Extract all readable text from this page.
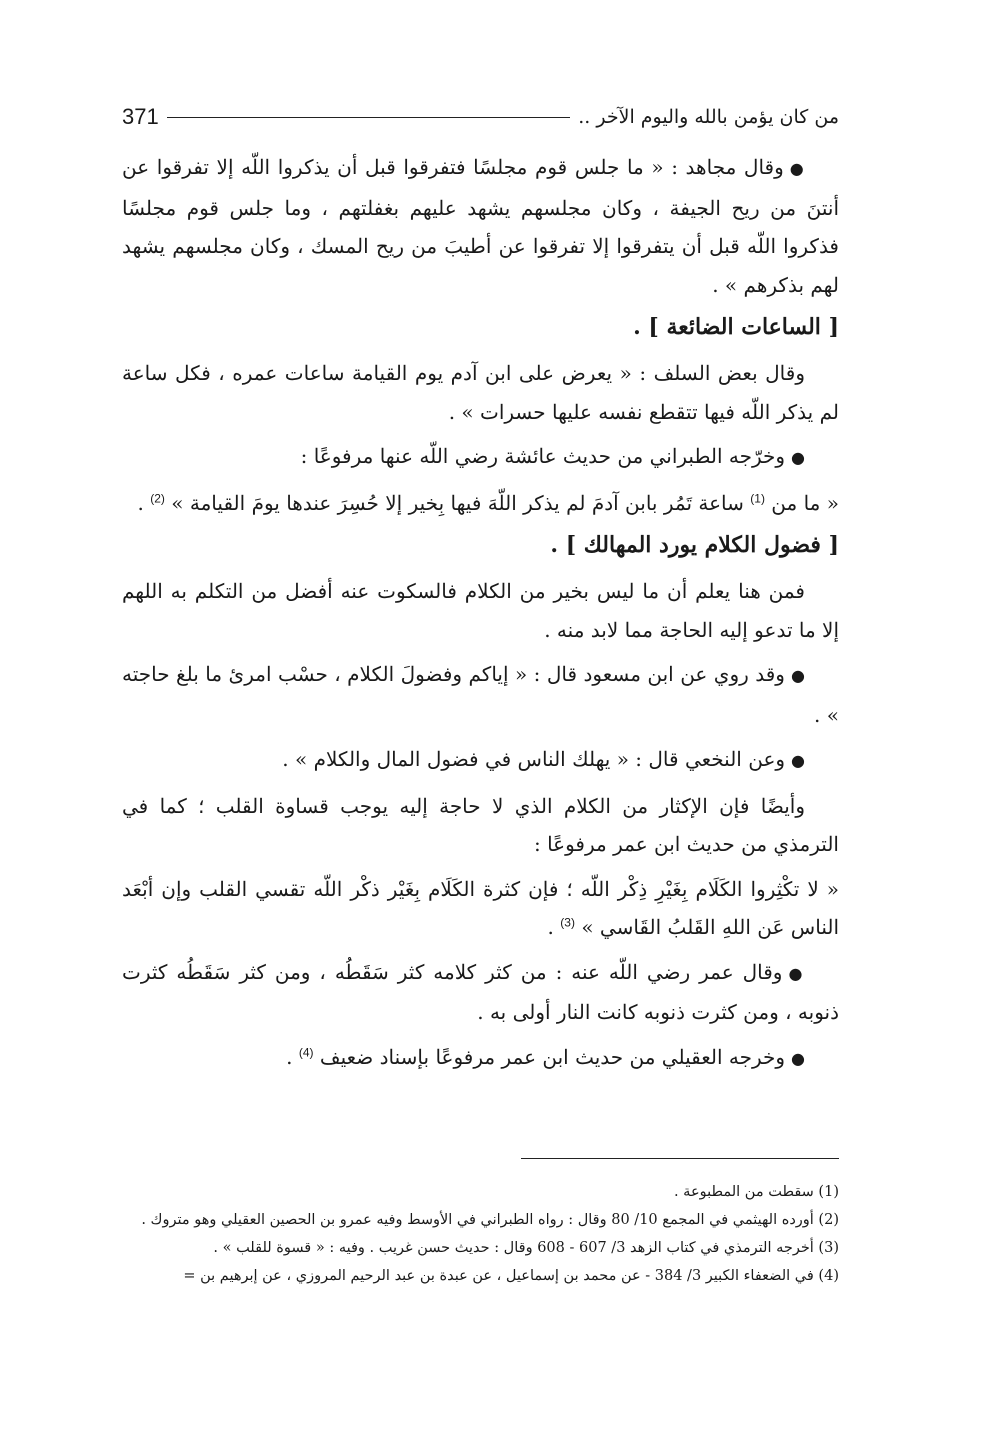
371	من كان يؤمن بالله واليوم الآخر ..

●وقال مجاهد : « ما جلس قوم مجلسًا فتفرقوا قبل أن يذكروا اللّه إلا تفرقوا عن أنتنَ من ريح الجيفة ، وكان مجلسهم يشهد عليهم بغفلتهم ، وما جلس قوم مجلسًا فذكروا اللّه قبل أن يتفرقوا إلا تفرقوا عن أطيبَ من ريح المسك ، وكان مجلسهم يشهد لهم بذكرهم » .

[ الساعات الضائعة ] .

وقال بعض السلف : « يعرض على ابن آدم يوم القيامة ساعات عمره ، فكل ساعة لم يذكر اللّه فيها تتقطع نفسه عليها حسرات » .

●وخرّجه الطبراني من حديث عائشة رضي اللّه عنها مرفوعًا :

« ما من $^{(1)}$ ساعة تَمُر بابن آدمَ لم يذكر اللّهَ فيها بِخير إلا حُسِرَ عندها يومَ القيامة » $^{(2)}$ .

[ فضول الكلام يورد المهالك ] .

فمن هنا يعلم أن ما ليس بخير من الكلام فالسكوت عنه أفضل من التكلم به اللهم إلا ما تدعو إليه الحاجة مما لابد منه .

●وقد روي عن ابن مسعود قال : « إياكم وفضولَ الكلام ، حسْب امرئ ما بلغ حاجته » .

●وعن النخعي قال : « يهلك الناس في فضول المال والكلام » .

وأيضًا فإن الإكثار من الكلام الذي لا حاجة إليه يوجب قساوة القلب ؛ كما في الترمذي من حديث ابن عمر مرفوعًا :

« لا تكْثِروا الكَلَام بِغَيْرِ ذِكْر اللّه ؛ فإن كثرة الكَلَام بِغَيْر ذكْر اللّه تقسي القلب وإن أبْعَد الناس عَن اللهِ القَلبُ القَاسي » $^{(3)}$ .

●وقال عمر رضي اللّه عنه : من كثر كلامه كثر سَقَطُه ، ومن كثر سَقَطُه كثرت ذنوبه ، ومن كثرت ذنوبه كانت النار أولى به .

●وخرجه العقيلي من حديث ابن عمر مرفوعًا بإسناد ضعيف $^{(4)}$ .

(1) سقطت من المطبوعة .

(2) أورده الهيثمي في المجمع 10/ 80 وقال : رواه الطبراني في الأوسط وفيه عمرو بن الحصين العقيلي وهو متروك .

(3) أخرجه الترمذي في كتاب الزهد 3/ 607 - 608 وقال : حديث حسن غريب . وفيه : « قسوة للقلب » .

(4) في الضعفاء الكبير 3/ 384 - عن محمد بن إسماعيل ، عن عبدة بن عبد الرحيم المروزي ، عن إبرهيم بن =
